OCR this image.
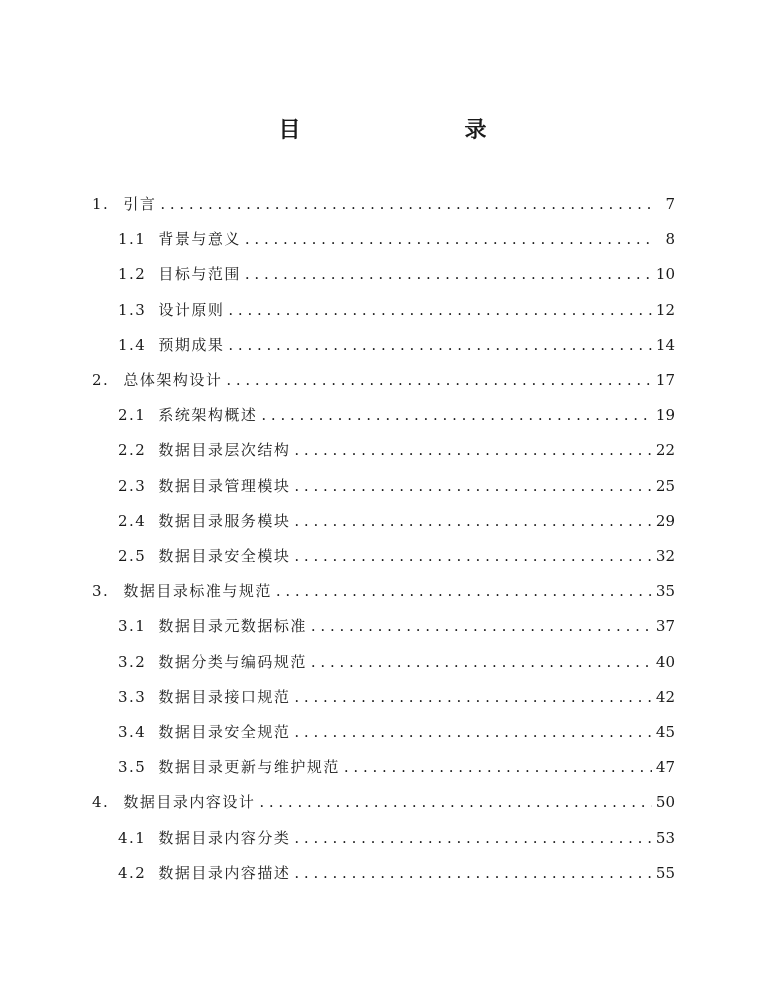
目　　录
1. 引言 . . .	7
1.1 背景与意义 . . .	8
1.2 目标与范围 . . .	10
1.3 设计原则 . . .	12
1.4 预期成果 . . .	14
2. 总体架构设计 . . .	17
2.1 系统架构概述 . . .	19
2.2 数据目录层次结构 . . .	22
2.3 数据目录管理模块 . . .	25
2.4 数据目录服务模块 . . .	29
2.5 数据目录安全模块 . . .	32
3. 数据目录标准与规范 . . .	35
3.1 数据目录元数据标准 . . .	37
3.2 数据分类与编码规范 . . .	40
3.3 数据目录接口规范 . . .	42
3.4 数据目录安全规范 . . .	45
3.5 数据目录更新与维护规范 . . .	47
4. 数据目录内容设计 . . .	50
4.1 数据目录内容分类 . . .	53
4.2 数据目录内容描述 . . .	55
